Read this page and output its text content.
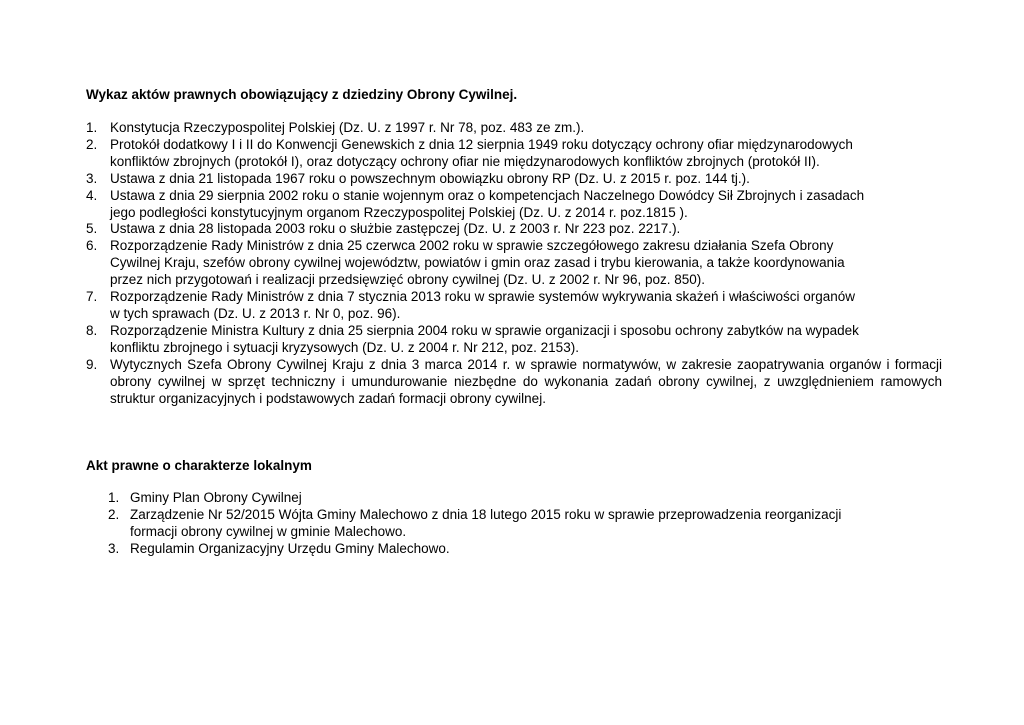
Wykaz aktów prawnych obowiązujący z dziedziny Obrony Cywilnej.
1. Konstytucja Rzeczypospolitej Polskiej (Dz. U. z 1997 r. Nr 78, poz. 483 ze zm.).
2. Protokół dodatkowy I i II do Konwencji Genewskich z dnia 12 sierpnia 1949 roku dotyczący ochrony ofiar międzynarodowych
konfliktów zbrojnych (protokół I), oraz dotyczący ochrony ofiar nie międzynarodowych konfliktów zbrojnych (protokół II).
3. Ustawa z dnia 21 listopada 1967 roku o powszechnym obowiązku obrony RP (Dz. U. z 2015 r. poz. 144 tj.).
4. Ustawa z dnia 29 sierpnia 2002 roku o stanie wojennym oraz o kompetencjach Naczelnego Dowódcy Sił Zbrojnych i zasadach
jego podległości konstytucyjnym organom Rzeczypospolitej Polskiej (Dz. U. z 2014 r. poz.1815 ).
5. Ustawa z dnia 28 listopada 2003 roku o służbie zastępczej (Dz. U. z 2003 r. Nr 223 poz. 2217.).
6. Rozporządzenie Rady Ministrów z dnia 25 czerwca 2002 roku w sprawie szczegółowego zakresu działania Szefa Obrony
Cywilnej Kraju, szefów obrony cywilnej województw, powiatów i gmin oraz zasad i trybu kierowania, a także koordynowania
przez nich przygotowań i realizacji przedsięwzięć obrony cywilnej (Dz. U. z 2002 r. Nr 96, poz. 850).
7. Rozporządzenie Rady Ministrów z dnia 7 stycznia 2013 roku w sprawie systemów wykrywania skażeń i właściwości organów
w tych sprawach (Dz. U. z 2013 r. Nr 0, poz. 96).
8. Rozporządzenie Ministra Kultury z dnia 25 sierpnia 2004 roku w sprawie organizacji i sposobu ochrony zabytków na wypadek
konfliktu zbrojnego i sytuacji kryzysowych (Dz. U. z 2004 r. Nr 212, poz. 2153).
9. Wytycznych Szefa Obrony Cywilnej Kraju z dnia 3 marca 2014 r. w sprawie normatywów, w zakresie zaopatrywania organów i formacji obrony cywilnej w sprzęt techniczny i umundurowanie niezbędne do wykonania zadań obrony cywilnej, z uwzględnieniem ramowych struktur organizacyjnych i podstawowych zadań formacji obrony cywilnej.
Akt prawne o charakterze lokalnym
1. Gminy Plan Obrony Cywilnej
2. Zarządzenie Nr 52/2015 Wójta Gminy Malechowo z dnia 18 lutego 2015 roku w sprawie przeprowadzenia reorganizacji
formacji obrony cywilnej w gminie Malechowo.
3. Regulamin Organizacyjny Urzędu Gminy Malechowo.
